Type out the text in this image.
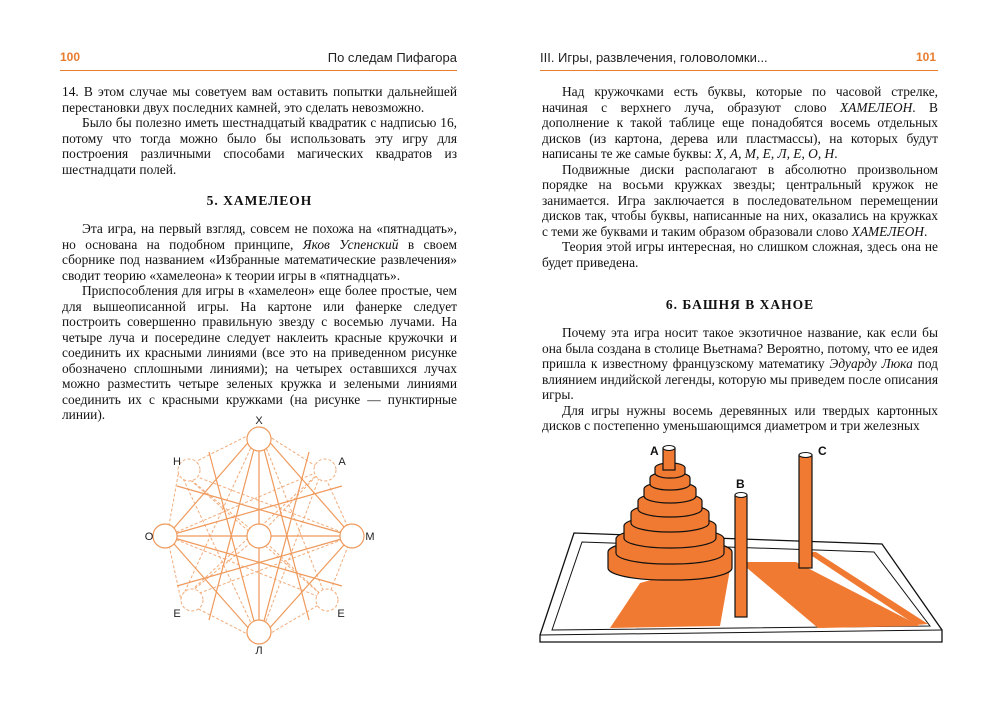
100	По следам Пифагора

14. В этом случае мы советуем вам оставить попытки дальнейшей перестановки двух последних камней, это сделать невозможно.

Было бы полезно иметь шестнадцатый квадратик с надписью 16, потому что тогда можно было бы использовать эту игру для построения различными способами магических квадратов из шестнадцати полей.

5. ХАМЕЛЕОН

Эта игра, на первый взгляд, совсем не похожа на «пятнадцать», но основана на подобном принципе, Яков Успенский в своем сборнике под названием «Избранные математические развлечения» сводит теорию «хамелеона» к теории игры в «пятнадцать».

Приспособления для игры в «хамелеон» еще более простые, чем для вышеописанной игры. На картоне или фанерке следует построить совершенно правильную звезду с восемью лучами. На четыре луча и посередине следует наклеить красные кружочки и соединить их красными линиями (все это на приведенном рисунке обозначено сплошными линиями); на четырех оставшихся лучах можно разместить четыре зеленых кружка и зелеными линиями соединить их с красными кружками (на рисунке — пунктирные линии).	Х
Н	А
О	М
Е	Е
Л
III. Игры, развлечения, головоломки...	101

Над кружочками есть буквы, которые по часовой стрелке, начиная с верхнего луча, образуют слово ХАМЕЛЕОН. В дополнение к такой таблице еще понадобятся восемь отдельных дисков (из картона, дерева или пластмассы), на которых будут написаны те же самые буквы: Х, А, М, Е, Л, Е, О, Н.

Подвижные диски располагают в абсолютно произвольном порядке на восьми кружках звезды; центральный кружок не занимается. Игра заключается в последовательном перемещении дисков так, чтобы буквы, написанные на них, оказались на кружках с теми же буквами и таким образом образовали слово ХАМЕЛЕОН.

Теория этой игры интересная, но слишком сложная, здесь она не будет приведена.

6. БАШНЯ В ХАНОЕ

Почему эта игра носит такое экзотичное название, как если бы она была создана в столице Вьетнама? Вероятно, потому, что ее идея пришла к известному французскому математику Эдуарду Люка под влиянием индийской легенды, которую мы приведем после описания игры.

Для игры нужны восемь деревянных или твердых картонных дисков с постепенно уменьшающимся диаметром и три железных

A
B
C
